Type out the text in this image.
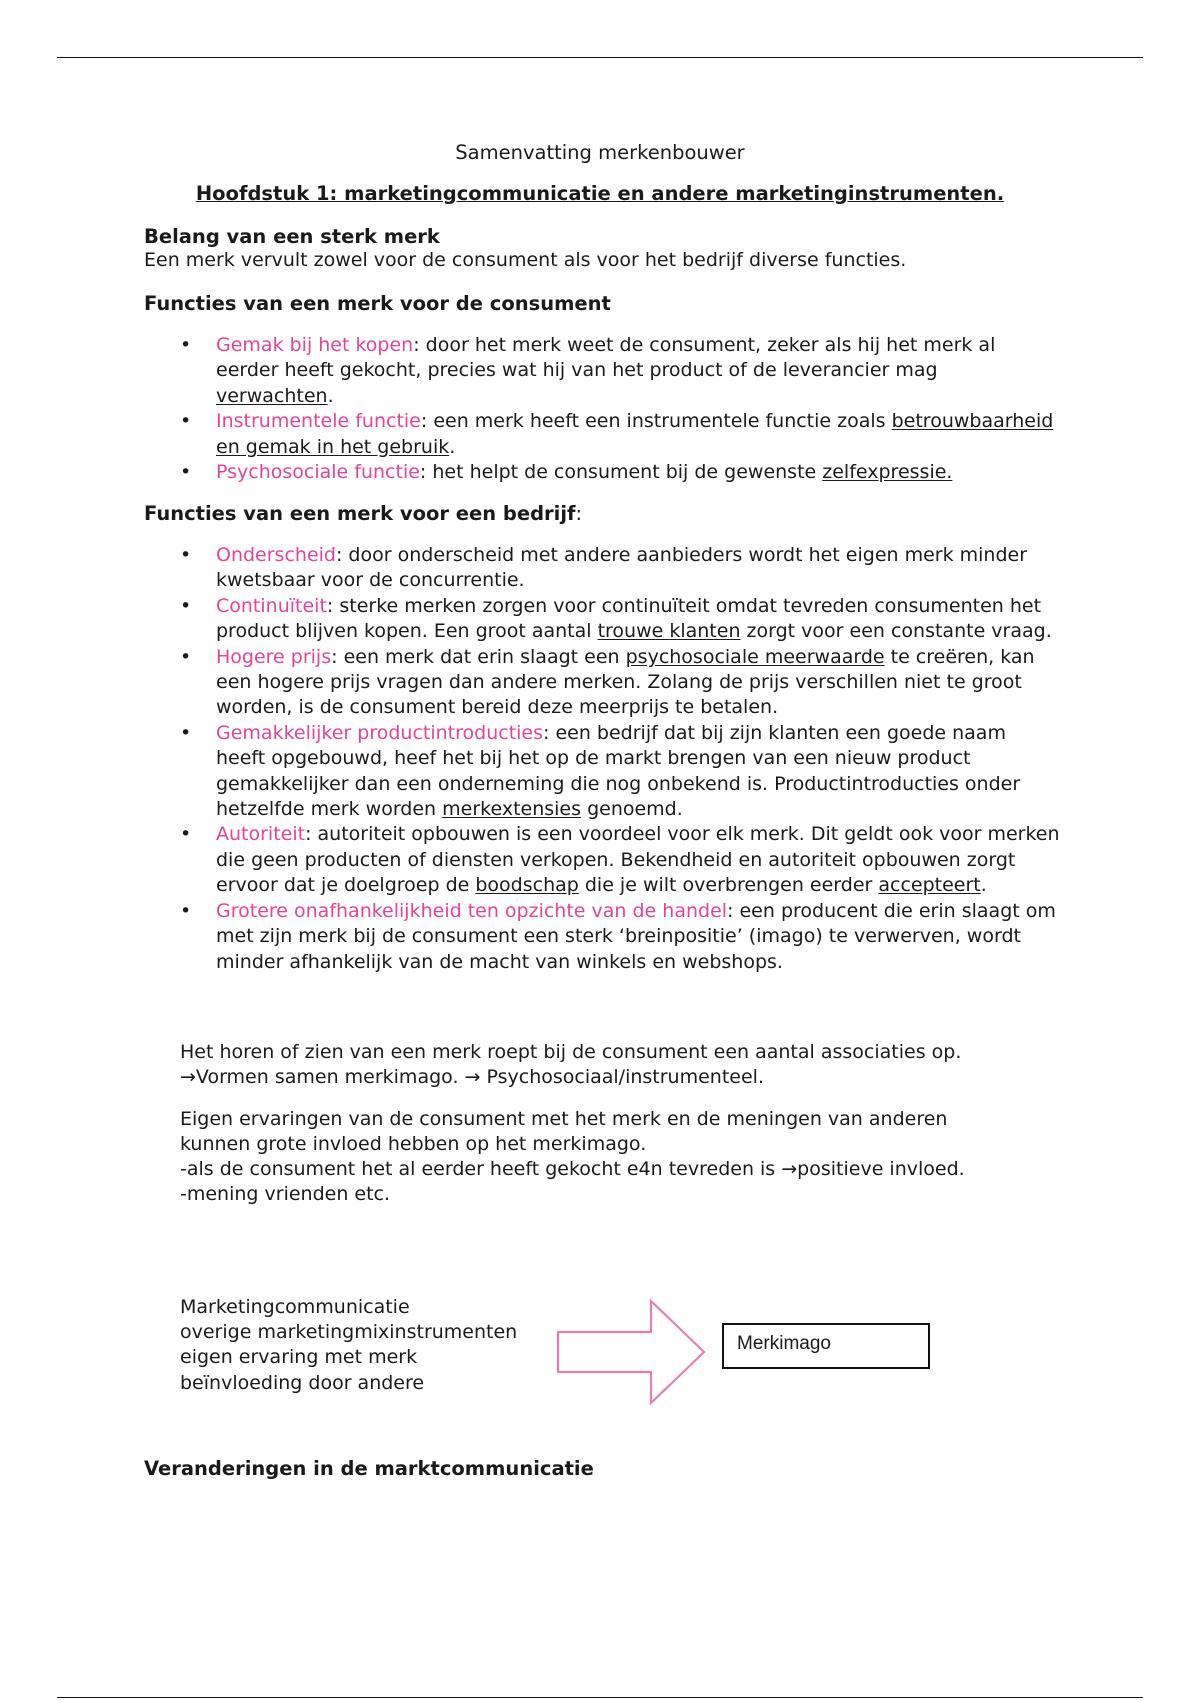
Samenvatting merkenbouwer
Hoofdstuk 1: marketingcommunicatie en andere marketinginstrumenten.
Belang van een sterk merk
Een merk vervult zowel voor de consument als voor het bedrijf diverse functies.
Functies van een merk voor de consument
• Gemak bij het kopen: door het merk weet de consument, zeker als hij het merk al eerder heeft gekocht, precies wat hij van het product of de leverancier mag verwachten.
• Instrumentele functie: een merk heeft een instrumentele functie zoals betrouwbaarheid en gemak in het gebruik.
• Psychosociale functie: het helpt de consument bij de gewenste zelfexpressie.
Functies van een merk voor een bedrijf:
• Onderscheid: door onderscheid met andere aanbieders wordt het eigen merk minder kwetsbaar voor de concurrentie.
• Continuïteit: sterke merken zorgen voor continuïteit omdat tevreden consumenten het product blijven kopen. Een groot aantal trouwe klanten zorgt voor een constante vraag.
• Hogere prijs: een merk dat erin slaagt een psychosociale meerwaarde te creëren, kan een hogere prijs vragen dan andere merken. Zolang de prijs verschillen niet te groot worden, is de consument bereid deze meerprijs te betalen.
• Gemakkelijker productintroducties: een bedrijf dat bij zijn klanten een goede naam heeft opgebouwd, heef het bij het op de markt brengen van een nieuw product gemakkelijker dan een onderneming die nog onbekend is. Productintroducties onder hetzelfde merk worden merkextensies genoemd.
• Autoriteit: autoriteit opbouwen is een voordeel voor elk merk. Dit geldt ook voor merken die geen producten of diensten verkopen. Bekendheid en autoriteit opbouwen zorgt ervoor dat je doelgroep de boodschap die je wilt overbrengen eerder accepteert.
• Grotere onafhankelijkheid ten opzichte van de handel: een producent die erin slaagt om met zijn merk bij de consument een sterk ‘breinpositie’ (imago) te verwerven, wordt minder afhankelijk van de macht van winkels en webshops.
Het horen of zien van een merk roept bij de consument een aantal associaties op.
→Vormen samen merkimago. → Psychosociaal/instrumenteel.
Eigen ervaringen van de consument met het merk en de meningen van anderen
kunnen grote invloed hebben op het merkimago.
-als de consument het al eerder heeft gekocht e4n tevreden is →positieve invloed.
-mening vrienden etc.
Marketingcommunicatie
overige marketingmixinstrumenten
eigen ervaring met merk
beïnvloeding door andere
Merkimago
Veranderingen in de marktcommunicatie
